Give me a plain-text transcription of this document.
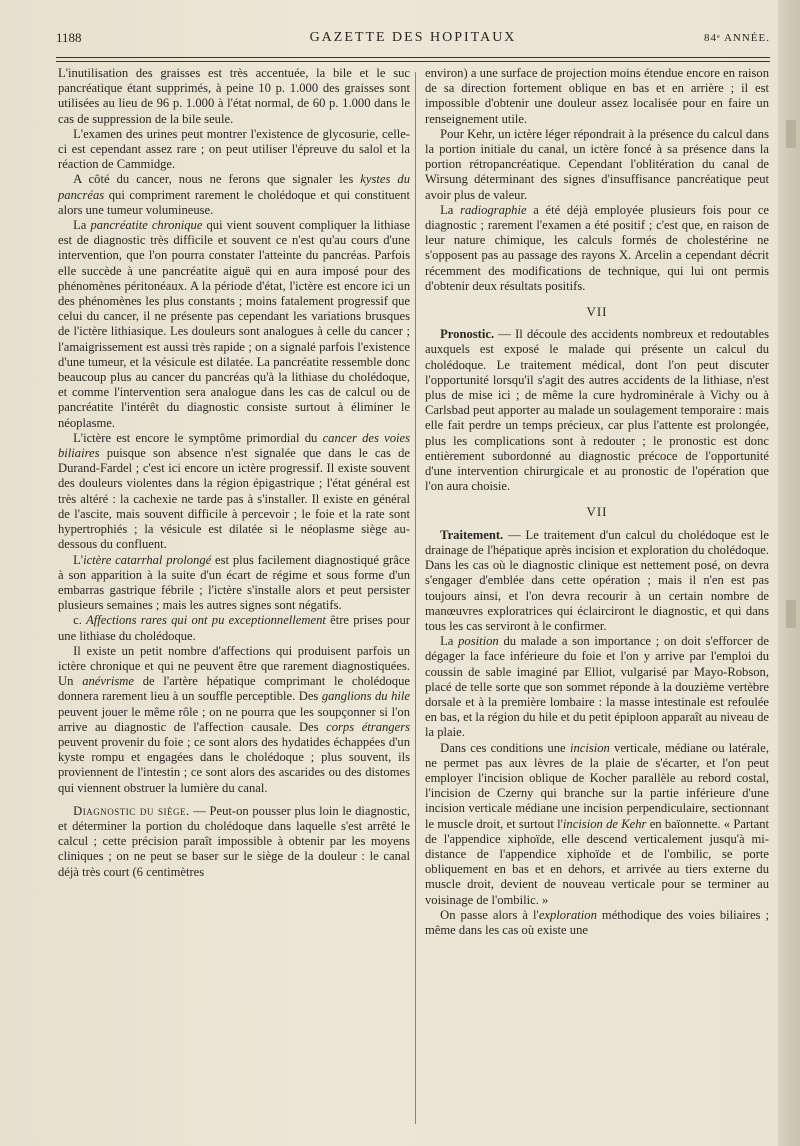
1188	GAZETTE DES HOPITAUX	84ᵉ ANNÉE.

L'inutilisation des graisses est très accentuée, la bile et le suc pancréatique étant supprimés, à peine 10 p. 1.000 des graisses sont utilisées au lieu de 96 p. 1.000 à l'état normal, de 60 p. 1.000 dans le cas de suppression de la bile seule.

L'examen des urines peut montrer l'existence de glycosurie, celle-ci est cependant assez rare ; on peut utiliser l'épreuve du salol et la réaction de Cammidge.

A côté du cancer, nous ne ferons que signaler les kystes du pancréas qui compriment rarement le cholédoque et qui constituent alors une tumeur volumineuse.

La pancréatite chronique qui vient souvent compliquer la lithiase est de diagnostic très difficile et souvent ce n'est qu'au cours d'une intervention, que l'on pourra constater l'atteinte du pancréas. Parfois elle succède à une pancréatite aiguë qui en aura imposé pour des phénomènes péritonéaux. A la période d'état, l'ictère est encore ici un des phénomènes les plus constants ; moins fatalement progressif que celui du cancer, il ne présente pas cependant les variations brusques de l'ictère lithiasique. Les douleurs sont analogues à celle du cancer ; l'amaigrissement est aussi très rapide ; on a signalé parfois l'existence d'une tumeur, et la vésicule est dilatée. La pancréatite ressemble donc beaucoup plus au cancer du pancréas qu'à la lithiase du cholédoque, et comme l'intervention sera analogue dans les cas de calcul ou de pancréatite l'intérêt du diagnostic consiste surtout à éliminer le néoplasme.

L'ictère est encore le symptôme primordial du cancer des voies biliaires puisque son absence n'est signalée que dans le cas de Durand-Fardel ; c'est ici encore un ictère progressif. Il existe souvent des douleurs violentes dans la région épigastrique ; l'état général est très altéré : la cachexie ne tarde pas à s'installer. Il existe en général de l'ascite, mais souvent difficile à percevoir ; le foie et la rate sont hypertrophiés ; la vésicule est dilatée si le néoplasme siège au-dessous du confluent.

L'ictère catarrhal prolongé est plus facilement diagnostiqué grâce à son apparition à la suite d'un écart de régime et sous forme d'un embarras gastrique fébrile ; l'ictère s'installe alors et peut persister plusieurs semaines ; mais les autres signes sont négatifs.

c. Affections rares qui ont pu exceptionnellement être prises pour une lithiase du cholédoque.

Il existe un petit nombre d'affections qui produisent parfois un ictère chronique et qui ne peuvent être que rarement diagnostiquées. Un anévrisme de l'artère hépatique comprimant le cholédoque donnera rarement lieu à un souffle perceptible. Des ganglions du hile peuvent jouer le même rôle ; on ne pourra que les soupçonner si l'on arrive au diagnostic de l'affection causale. Des corps étrangers peuvent provenir du foie ; ce sont alors des hydatides échappées d'un kyste rompu et engagées dans le cholédoque ; plus souvent, ils proviennent de l'intestin ; ce sont alors des ascarides ou des distomes qui viennent obstruer la lumière du canal.

Diagnostic du siège. — Peut-on pousser plus loin le diagnostic, et déterminer la portion du cholédoque dans laquelle s'est arrêté le calcul ; cette précision paraît impossible à obtenir par les moyens cliniques ; on ne peut se baser sur le siège de la douleur : le canal déjà très court (6 centimètres

environ) a une surface de projection moins étendue encore en raison de sa direction fortement oblique en bas et en arrière ; il est impossible d'obtenir une douleur assez localisée pour en faire un renseignement utile.

Pour Kehr, un ictère léger répondrait à la présence du calcul dans la portion initiale du canal, un ictère foncé à sa présence dans la portion rétropancréatique. Cependant l'oblitération du canal de Wirsung déterminant des signes d'insuffisance pancréatique peut avoir plus de valeur.

La radiographie a été déjà employée plusieurs fois pour ce diagnostic ; rarement l'examen a été positif ; c'est que, en raison de leur nature chimique, les calculs formés de cholestérine ne s'opposent pas au passage des rayons X. Arcelin a cependant décrit récemment des modifications de technique, qui lui ont permis d'obtenir deux résultats positifs.

VII

Pronostic. — Il découle des accidents nombreux et redoutables auxquels est exposé le malade qui présente un calcul du cholédoque. Le traitement médical, dont l'on peut discuter l'opportunité lorsqu'il s'agit des autres accidents de la lithiase, n'est plus de mise ici ; de même la cure hydrominérale à Vichy ou à Carlsbad peut apporter au malade un soulagement temporaire : mais elle fait perdre un temps précieux, car plus l'attente est prolongée, plus les complications sont à redouter ; le pronostic est donc entièrement subordonné au diagnostic précoce de l'opportunité d'une intervention chirurgicale et au pronostic de l'opération que l'on aura choisie.

VII

Traitement. — Le traitement d'un calcul du cholédoque est le drainage de l'hépatique après incision et exploration du cholédoque. Dans les cas où le diagnostic clinique est nettement posé, on devra s'engager d'emblée dans cette opération ; mais il n'en est pas toujours ainsi, et l'on devra recourir à un certain nombre de manœuvres exploratrices qui éclairciront le diagnostic, et qui dans tous les cas serviront à le confirmer.

La position du malade a son importance ; on doit s'efforcer de dégager la face inférieure du foie et l'on y arrive par l'emploi du coussin de sable imaginé par Elliot, vulgarisé par Mayo-Robson, placé de telle sorte que son sommet réponde à la douzième vertèbre dorsale et à la première lombaire : la masse intestinale est refoulée en bas, et la région du hile et du petit épiploon apparaît au niveau de la plaie.

Dans ces conditions une incision verticale, médiane ou latérale, ne permet pas aux lèvres de la plaie de s'écarter, et l'on peut employer l'incision oblique de Kocher parallèle au rebord costal, l'incision de Czerny qui branche sur la partie inférieure d'une incision verticale médiane une incision perpendiculaire, sectionnant le muscle droit, et surtout l'incision de Kehr en baïonnette. « Partant de l'appendice xiphoïde, elle descend verticalement jusqu'à mi-distance de l'appendice xiphoïde et de l'ombilic, se porte obliquement en bas et en dehors, et arrivée au tiers externe du muscle droit, devient de nouveau verticale pour se terminer au voisinage de l'ombilic. »

On passe alors à l'exploration méthodique des voies biliaires ; même dans les cas où existe une
